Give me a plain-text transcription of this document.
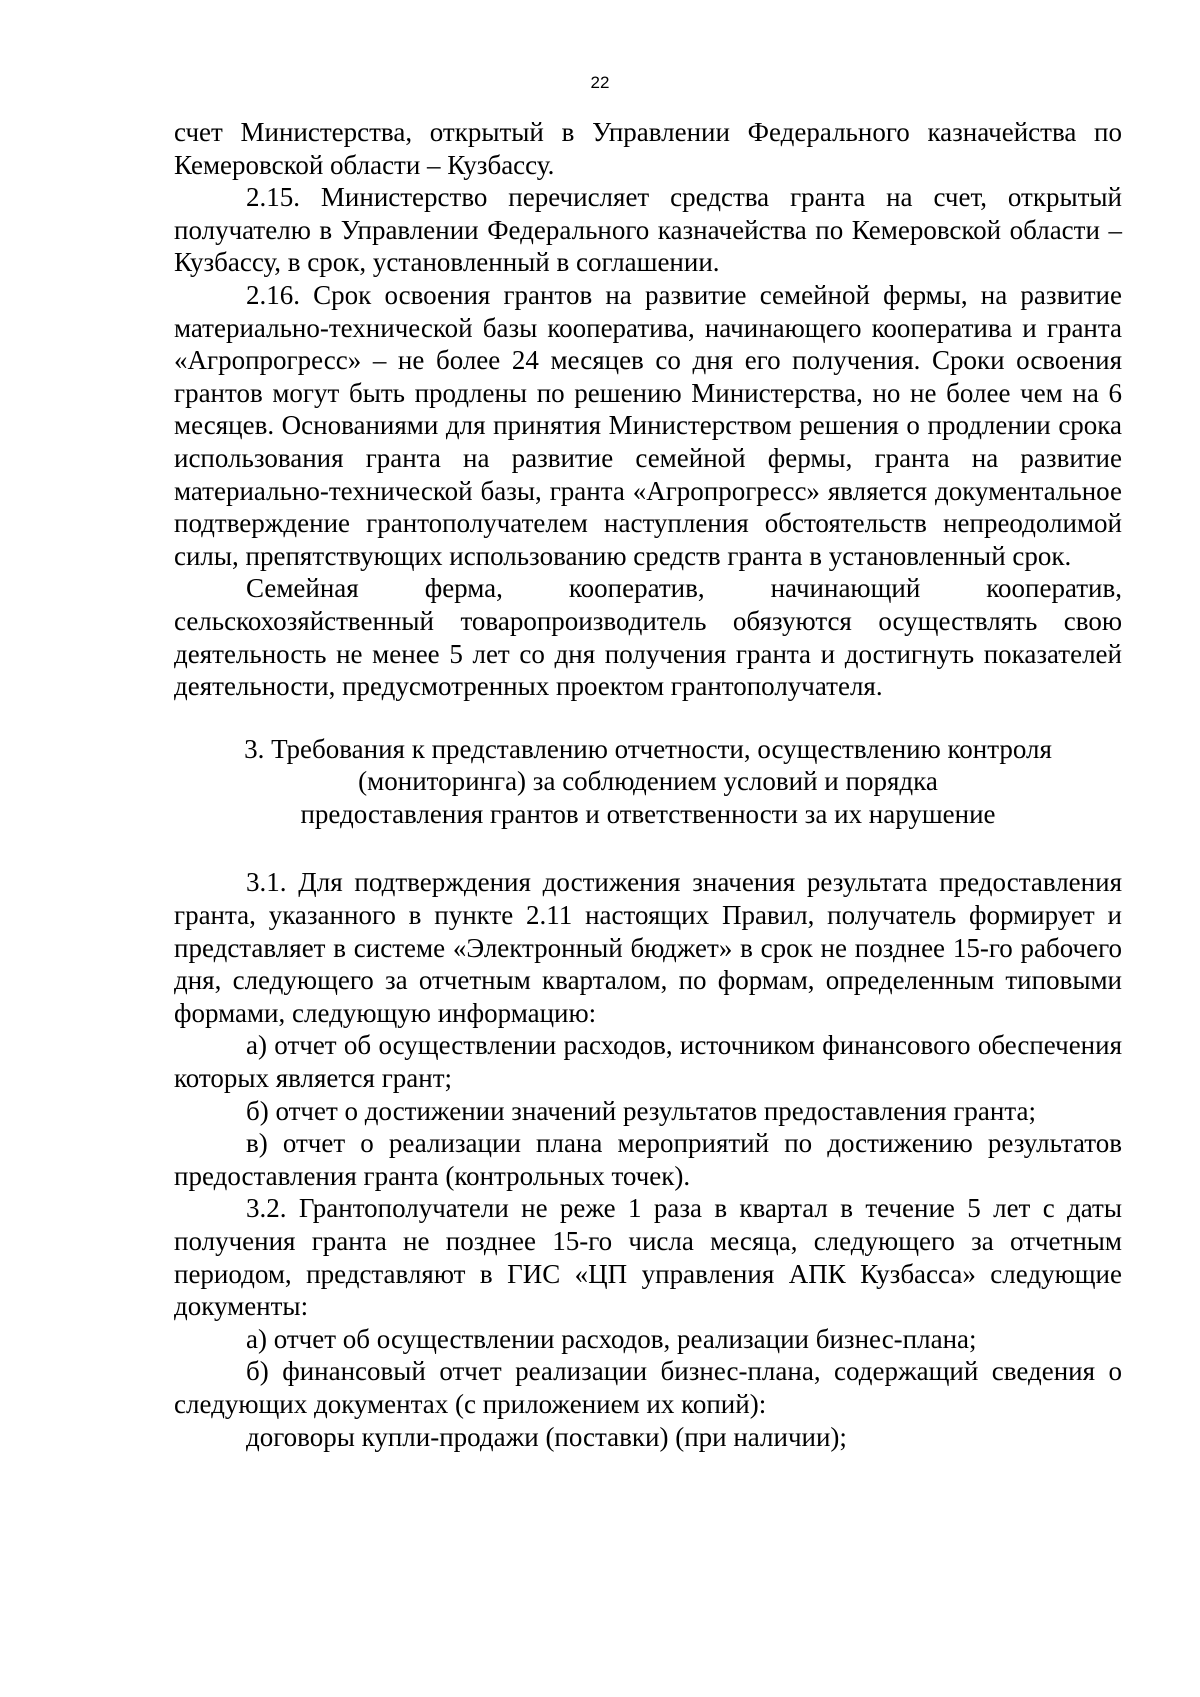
22

счет Министерства, открытый в Управлении Федерального казначейства по Кемеровской области – Кузбассу.

2.15. Министерство перечисляет средства гранта на счет, открытый получателю в Управлении Федерального казначейства по Кемеровской области – Кузбассу, в срок, установленный в соглашении.

2.16. Срок освоения грантов на развитие семейной фермы, на развитие материально-технической базы кооператива, начинающего кооператива и гранта «Агропрогресс» – не более 24 месяцев со дня его получения. Сроки освоения грантов могут быть продлены по решению Министерства, но не более чем на 6 месяцев. Основаниями для принятия Министерством решения о продлении срока использования гранта на развитие семейной фермы, гранта на развитие материально-технической базы, гранта «Агропрогресс» является документальное подтверждение грантополучателем наступления обстоятельств непреодолимой силы, препятствующих использованию средств гранта в установленный срок.

Семейная ферма, кооператив, начинающий кооператив, сельскохозяйственный товаропроизводитель обязуются осуществлять свою деятельность не менее 5 лет со дня получения гранта и достигнуть показателей деятельности, предусмотренных проектом грантополучателя.

3. Требования к представлению отчетности, осуществлению контроля
(мониторинга) за соблюдением условий и порядка
предоставления грантов и ответственности за их нарушение

3.1. Для подтверждения достижения значения результата предоставления гранта, указанного в пункте 2.11 настоящих Правил, получатель формирует и представляет в системе «Электронный бюджет» в срок не позднее 15-го рабочего дня, следующего за отчетным кварталом, по формам, определенным типовыми формами, следующую информацию:

а) отчет об осуществлении расходов, источником финансового обеспечения которых является грант;

б) отчет о достижении значений результатов предоставления гранта;

в) отчет о реализации плана мероприятий по достижению результатов предоставления гранта (контрольных точек).

3.2. Грантополучатели не реже 1 раза в квартал в течение 5 лет с даты получения гранта не позднее 15-го числа месяца, следующего за отчетным периодом, представляют в ГИС «ЦП управления АПК Кузбасса» следующие документы:

а) отчет об осуществлении расходов, реализации бизнес-плана;

б) финансовый отчет реализации бизнес-плана, содержащий сведения о следующих документах (с приложением их копий):

договоры купли-продажи (поставки) (при наличии);
